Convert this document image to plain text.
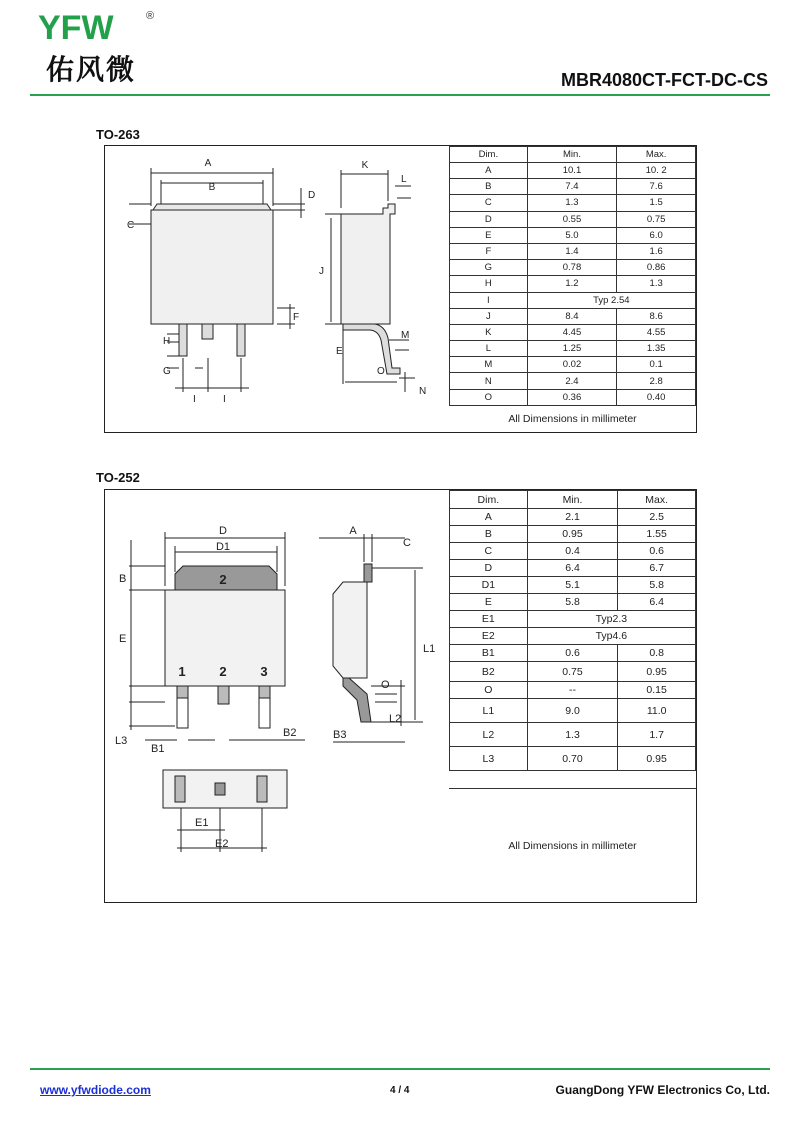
YFW	®
佑风微	MBR4080CT-FCT-DC-CS
TO-263
A
B
C
D
F
H
G
I	I
K
L
J
M
E
O
N
Dim.	Min.	Max.
A	10.1	10. 2
B	7.4	7.6
C	1.3	1.5
D	0.55	0.75
E	5.0	6.0
F	1.4	1.6
G	0.78	0.86
H	1.2	1.3
I	Typ 2.54	
J	8.4	8.6
K	4.45	4.55
L	1.25	1.35
M	0.02	0.1
N	2.4	2.8
O	0.36	0.40
All Dimensions in millimeter
TO-252
D
D1
A
C
B
E
2
1	2	3
L3
B1
B2	B3
L1
L2
O
E1
E2
Dim.	Min.	Max.
A	2.1	2.5
B	0.95	1.55
C	0.4	0.6
D	6.4	6.7
D1	5.1	5.8
E	5.8	6.4
E1	Typ2.3	
E2	Typ4.6	
B1	0.6	0.8
B2	0.75	0.95
O	--	0.15
L1	9.0	11.0
L2	1.3	1.7
L3	0.70	0.95
All Dimensions in millimeter
www.yfwdiode.com	4 / 4	GuangDong YFW Electronics Co, Ltd.
